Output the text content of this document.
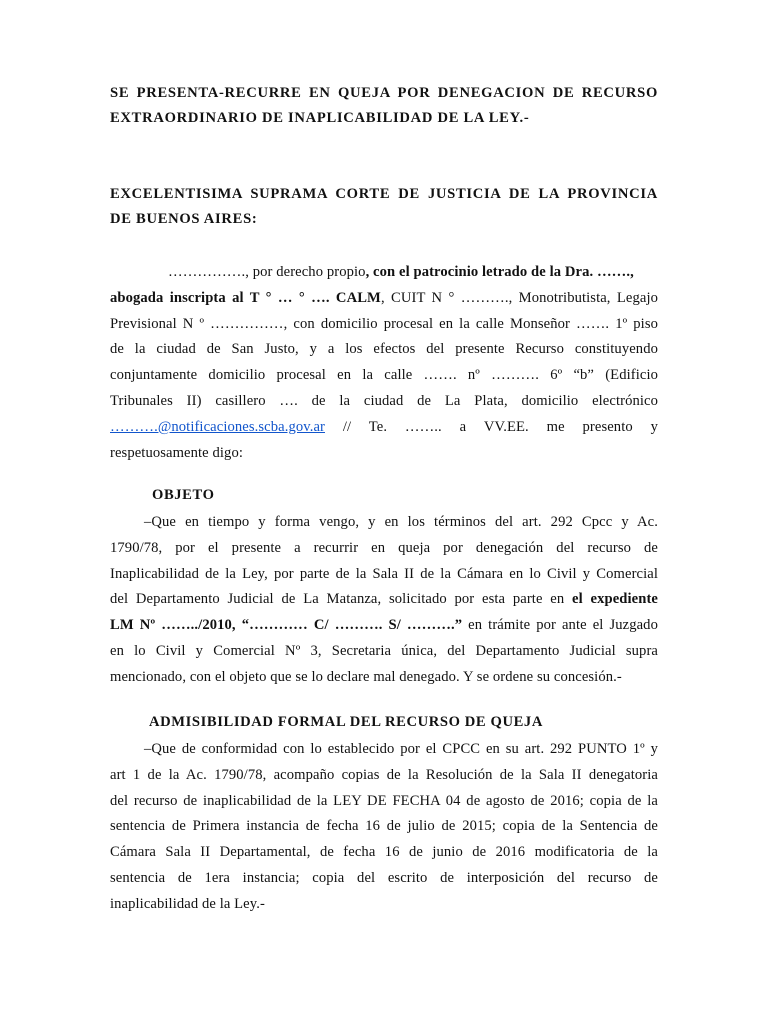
SE PRESENTA-RECURRE EN QUEJA POR DENEGACION DE RECURSO
EXTRAORDINARIO DE INAPLICABILIDAD DE LA LEY.-
EXCELENTISIMA SUPRAMA CORTE DE JUSTICIA DE LA PROVINCIA
DE BUENOS AIRES:
……………., por derecho propio, con el patrocinio letrado de la Dra. …….,
abogada inscripta al T ° … ° …. CALM, CUIT N ° ………., Monotributista, Legajo
Previsional N º ……………, con domicilio procesal en la calle Monseñor ……. 1º piso
de la ciudad de San Justo, y a los efectos del presente Recurso constituyendo
conjuntamente domicilio procesal en la calle ……. nº ………. 6º “b” (Edificio
Tribunales II) casillero …. de la ciudad de La Plata, domicilio electrónico
……….@notificaciones.scba.gov.ar // Te. …….. a VV.EE. me presento y
respetuosamente digo:
OBJETO
–Que en tiempo y forma vengo, y en los términos del art. 292 Cpcc y Ac.
1790/78, por el presente a recurrir en queja por denegación del recurso de
Inaplicabilidad de la Ley, por parte de la Sala II de la Cámara en lo Civil y Comercial
del Departamento Judicial de La Matanza, solicitado por esta parte en el expediente
LM Nº ……../2010, “………… C/ ………. S/ ……….” en trámite por ante el Juzgado
en lo Civil y Comercial Nº 3, Secretaria única, del Departamento Judicial supra
mencionado, con el objeto que se lo declare mal denegado. Y se ordene su concesión.-
ADMISIBILIDAD FORMAL DEL RECURSO DE QUEJA
–Que de conformidad con lo establecido por el CPCC en su art. 292 PUNTO 1º y
art 1 de la Ac. 1790/78, acompaño copias de la Resolución de la Sala II denegatoria
del recurso de inaplicabilidad de la LEY DE FECHA 04 de agosto de 2016; copia de la
sentencia de Primera instancia de fecha 16 de julio de 2015; copia de la Sentencia de
Cámara Sala II Departamental, de fecha 16 de junio de 2016 modificatoria de la
sentencia de 1era instancia; copia del escrito de interposición del recurso de
inaplicabilidad de la Ley.-
